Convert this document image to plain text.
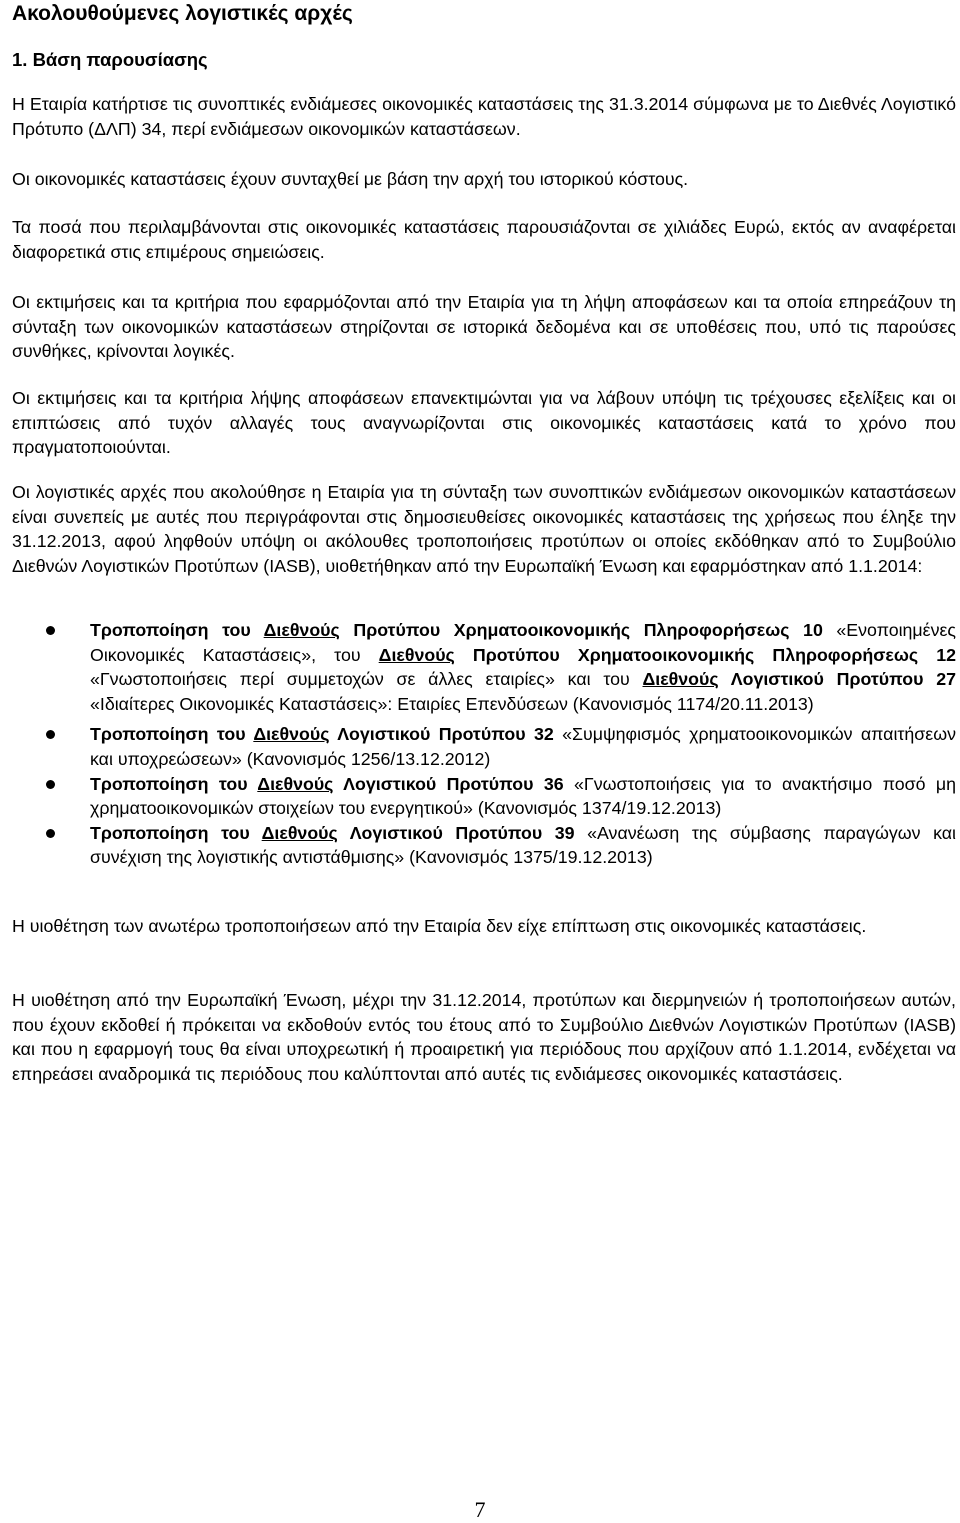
Ακολουθούμενες λογιστικές αρχές
1. Βάση παρουσίασης

Η Εταιρία κατήρτισε τις συνοπτικές ενδιάμεσες οικονομικές καταστάσεις της 31.3.2014 σύμφωνα με το Διεθνές Λογιστικό Πρότυπο (ΔΛΠ) 34, περί ενδιάμεσων οικονομικών καταστάσεων.

Οι οικονομικές καταστάσεις έχουν συνταχθεί με βάση την αρχή του ιστορικού κόστους.

Τα ποσά που περιλαμβάνονται στις οικονομικές καταστάσεις παρουσιάζονται σε χιλιάδες Ευρώ, εκτός αν αναφέρεται διαφορετικά στις επιμέρους σημειώσεις.

Οι εκτιμήσεις και τα κριτήρια που εφαρμόζονται από την Εταιρία για τη λήψη αποφάσεων και τα οποία επηρεάζουν τη σύνταξη των οικονομικών καταστάσεων στηρίζονται σε ιστορικά δεδομένα και σε υποθέσεις που, υπό τις παρούσες συνθήκες, κρίνονται λογικές.

Οι εκτιμήσεις και τα κριτήρια λήψης αποφάσεων επανεκτιμώνται για να λάβουν υπόψη τις τρέχουσες εξελίξεις και οι επιπτώσεις από τυχόν αλλαγές τους αναγνωρίζονται στις οικονομικές καταστάσεις κατά το χρόνο που πραγματοποιούνται.

Οι λογιστικές αρχές που ακολούθησε η Εταιρία για τη σύνταξη των συνοπτικών ενδιάμεσων οικονομικών καταστάσεων είναι συνεπείς με αυτές που περιγράφονται στις δημοσιευθείσες οικονομικές καταστάσεις της χρήσεως που έληξε την 31.12.2013, αφού ληφθούν υπόψη οι ακόλουθες τροποποιήσεις προτύπων οι οποίες εκδόθηκαν από το Συμβούλιο Διεθνών Λογιστικών Προτύπων (IASB), υιοθετήθηκαν από την Ευρωπαϊκή Ένωση και εφαρμόστηκαν από 1.1.2014:

Τροποποίηση του Διεθνούς Προτύπου Χρηματοοικονομικής Πληροφορήσεως 10 «Ενοποιημένες Οικονομικές Καταστάσεις», του Διεθνούς Προτύπου Χρηματοοικονομικής Πληροφορήσεως 12 «Γνωστοποιήσεις περί συμμετοχών σε άλλες εταιρίες» και του Διεθνούς Λογιστικού Προτύπου 27 «Ιδιαίτερες Οικονομικές Καταστάσεις»: Εταιρίες Επενδύσεων (Κανονισμός 1174/20.11.2013)
Τροποποίηση του Διεθνούς Λογιστικού Προτύπου 32 «Συμψηφισμός χρηματοοικονομικών απαιτήσεων και υποχρεώσεων» (Κανονισμός 1256/13.12.2012)
Τροποποίηση του Διεθνούς Λογιστικού Προτύπου 36 «Γνωστοποιήσεις για το ανακτήσιμο ποσό μη χρηματοοικονομικών στοιχείων του ενεργητικού» (Κανονισμός 1374/19.12.2013)
Τροποποίηση του Διεθνούς Λογιστικού Προτύπου 39 «Ανανέωση της σύμβασης παραγώγων και συνέχιση της λογιστικής αντιστάθμισης» (Κανονισμός 1375/19.12.2013)

Η υιοθέτηση των ανωτέρω τροποποιήσεων από την Εταιρία δεν είχε επίπτωση στις οικονομικές καταστάσεις.

Η υιοθέτηση από την Ευρωπαϊκή Ένωση, μέχρι την 31.12.2014, προτύπων και διερμηνειών ή τροποποιήσεων αυτών, που έχουν εκδοθεί ή πρόκειται να εκδοθούν εντός του έτους από το Συμβούλιο Διεθνών Λογιστικών Προτύπων (IASB) και που η εφαρμογή τους θα είναι υποχρεωτική ή προαιρετική για περιόδους που αρχίζουν από 1.1.2014, ενδέχεται να επηρεάσει αναδρομικά τις περιόδους που καλύπτονται από αυτές τις ενδιάμεσες οικονομικές καταστάσεις.

7
